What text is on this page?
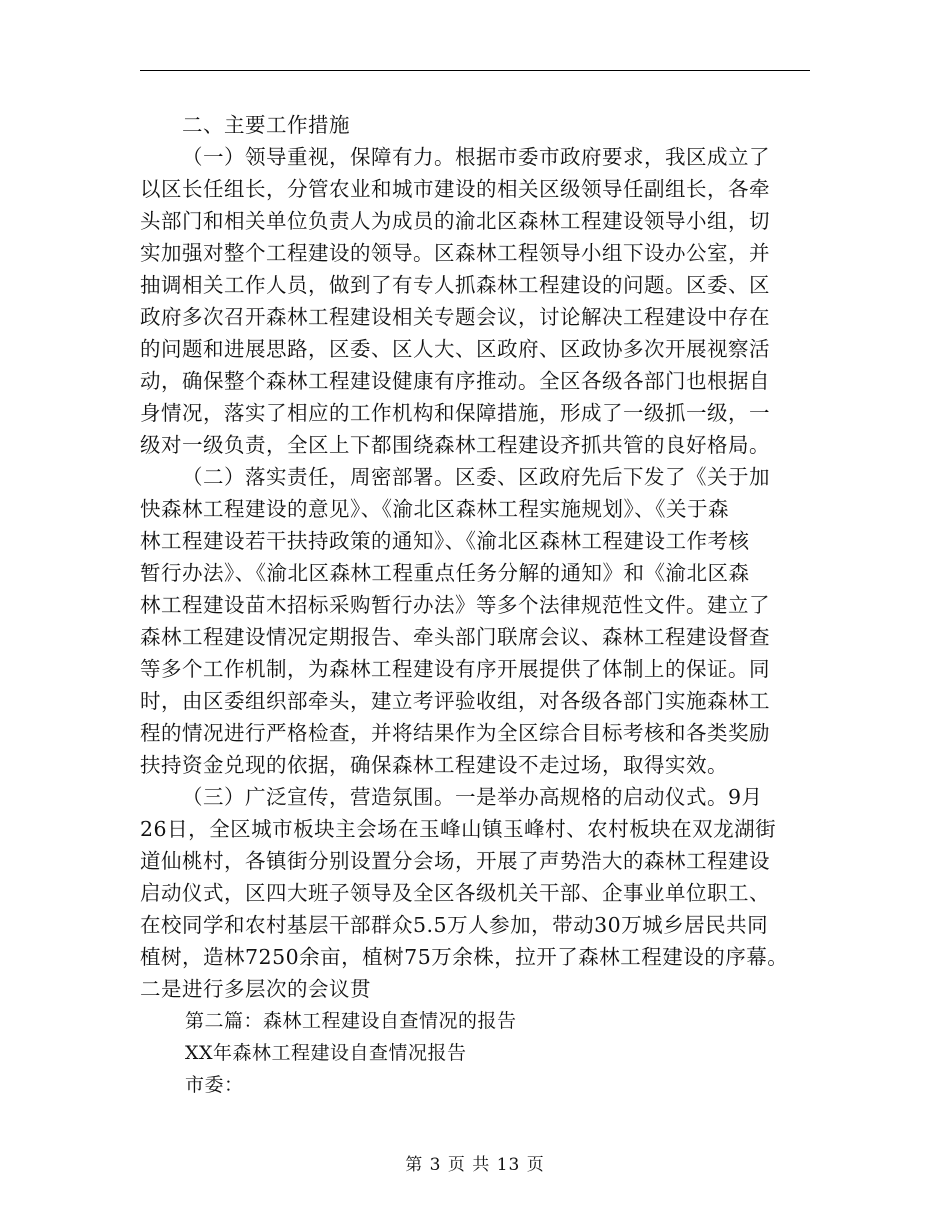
二、主要工作措施
（一）领导重视，保障有力。根据市委市政府要求，我区成立了
以区长任组长，分管农业和城市建设的相关区级领导任副组长，各牵
头部门和相关单位负责人为成员的渝北区森林工程建设领导小组，切
实加强对整个工程建设的领导。区森林工程领导小组下设办公室，并
抽调相关工作人员，做到了有专人抓森林工程建设的问题。区委、区
政府多次召开森林工程建设相关专题会议，讨论解决工程建设中存在
的问题和进展思路，区委、区人大、区政府、区政协多次开展视察活
动，确保整个森林工程建设健康有序推动。全区各级各部门也根据自
身情况，落实了相应的工作机构和保障措施，形成了一级抓一级，一
级对一级负责，全区上下都围绕森林工程建设齐抓共管的良好格局。
（二）落实责任，周密部署。区委、区政府先后下发了《关于加
快森林工程建设的意见》、《渝北区森林工程实施规划》、《关于森
林工程建设若干扶持政策的通知》、《渝北区森林工程建设工作考核
暂行办法》、《渝北区森林工程重点任务分解的通知》和《渝北区森
林工程建设苗木招标采购暂行办法》等多个法律规范性文件。建立了
森林工程建设情况定期报告、牵头部门联席会议、森林工程建设督查
等多个工作机制，为森林工程建设有序开展提供了体制上的保证。同
时，由区委组织部牵头，建立考评验收组，对各级各部门实施森林工
程的情况进行严格检查，并将结果作为全区综合目标考核和各类奖励
扶持资金兑现的依据，确保森林工程建设不走过场，取得实效。
（三）广泛宣传，营造氛围。一是举办高规格的启动仪式。9月
26日，全区城市板块主会场在玉峰山镇玉峰村、农村板块在双龙湖街
道仙桃村，各镇街分别设置分会场，开展了声势浩大的森林工程建设
启动仪式，区四大班子领导及全区各级机关干部、企事业单位职工、
在校同学和农村基层干部群众5.5万人参加，带动30万城乡居民共同
植树，造林7250余亩，植树75万余株，拉开了森林工程建设的序幕。
二是进行多层次的会议贯
第二篇：森林工程建设自查情况的报告
XX年森林工程建设自查情况报告
市委：
第 3 页 共 13 页
